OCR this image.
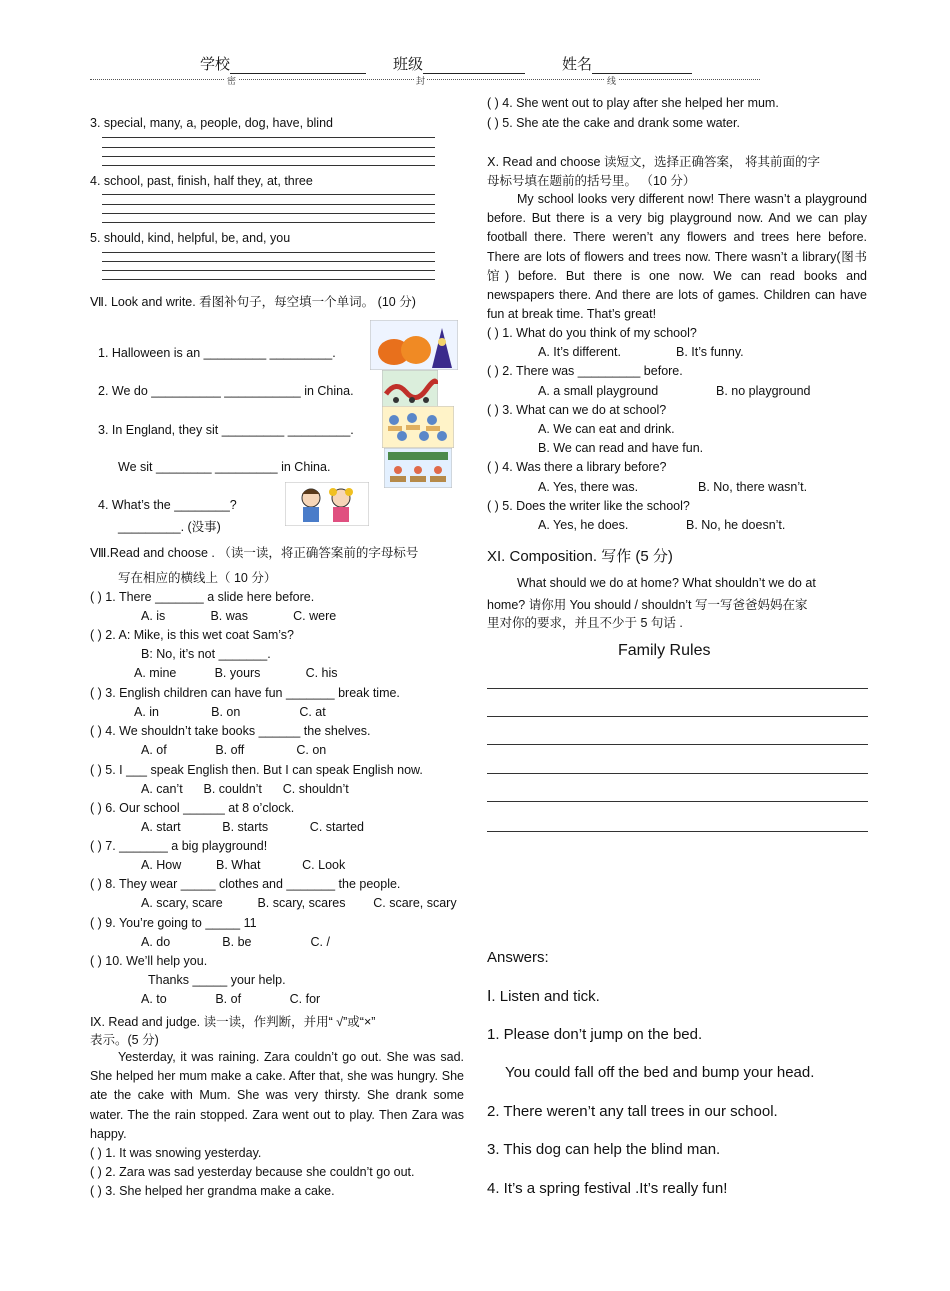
学校	班级	姓名
密	封	线
3. special, many, a, people, dog, have, blind
4. school, past, finish, half they, at, three
5. should, kind, helpful, be, and, you
Ⅶ. Look and write. 看图补句子，每空填一个单词。 (10 分)
1. Halloween is an _________ _________.
2. We do __________ ___________ in China.
3. In England, they sit _________ _________.
We sit ________ _________ in China.
4. What’s the ________?
_________. (没事)
Ⅷ.Read and choose . （读一读，将正确答案前的字母标号
写在相应的横线上（ 10 分）
( ) 1. There _______ a slide here before.
A. is             B. was             C. were
( ) 2. A: Mike, is this wet coat Sam’s?
B: No, it’s not _______.
A. mine           B. yours             C. his
( ) 3. English children can have fun _______ break time.
A. in               B. on                 C. at
( ) 4. We shouldn’t take books ______ the shelves.
A. of              B. off               C. on
( ) 5. I ___ speak English then. But I can speak English now.
A. can’t      B. couldn’t      C. shouldn’t
( ) 6. Our school ______ at 8 o’clock.
A. start            B. starts            C. started
( ) 7. _______ a big playground!
A. How          B. What            C. Look
( ) 8. They wear _____ clothes and _______ the people.
A. scary, scare          B. scary, scares        C. scare, scary
( ) 9. You’re going to _____ 11
A. do               B. be                 C. /
( ) 10. We’ll help you.
Thanks _____ your help.
A. to              B. of              C. for
Ⅸ. Read and judge. 读一读，作判断，并用“ √”或“×”
表示。(5 分)
Yesterday, it was raining. Zara couldn’t go out. She was sad. She helped her mum make a cake. After that, she was hungry. She ate the cake with Mum. She was very thirsty. She drank some water. The the rain stopped. Zara went out to play. Then Zara was happy.
( ) 1. It was snowing yesterday.
( ) 2. Zara was sad yesterday because she couldn’t go out.
( ) 3. She helped her grandma make a cake.
( ) 4. She went out to play after she helped her mum.
( ) 5. She ate the cake and drank some water.
Ⅹ. Read and choose 读短文，选择正确答案， 将其前面的字
母标号填在题前的括号里。 （10 分）
My school looks very different now! There wasn’t a playground before. But there is a very big playground now. And we can play football there. There weren’t any flowers and trees here before. There are lots of flowers and trees now. There wasn’t a library(图书馆) before. But there is one now. We can read books and newspapers there. And there are lots of games. Children can have fun at break time. That’s great!
( ) 1. What do you think of my school?
A. It’s different.	B. It’s funny.
( ) 2. There was _________ before.
A. a small playground	B. no playground
( ) 3. What can we do at school?
A. We can eat and drink.
B. We can read and have fun.
( ) 4. Was there a library before?
A. Yes, there was.	B. No, there wasn’t.
( ) 5. Does the writer like the school?
A. Yes, he does.	B. No, he doesn’t.
XI. Composition. 写作 (5 分)
What should we do at home? What shouldn’t we do at
home? 请你用 You should / shouldn’t 写一写爸爸妈妈在家
里对你的要求，并且不少于 5 句话 .
Family Rules
Answers:
Ⅰ. Listen and tick.
1. Please don’t jump on the bed.
You could fall off the bed and bump your head.
2. There weren’t any tall trees in our school.
3. This dog can help the blind man.
4. It’s a spring festival .It’s really fun!
